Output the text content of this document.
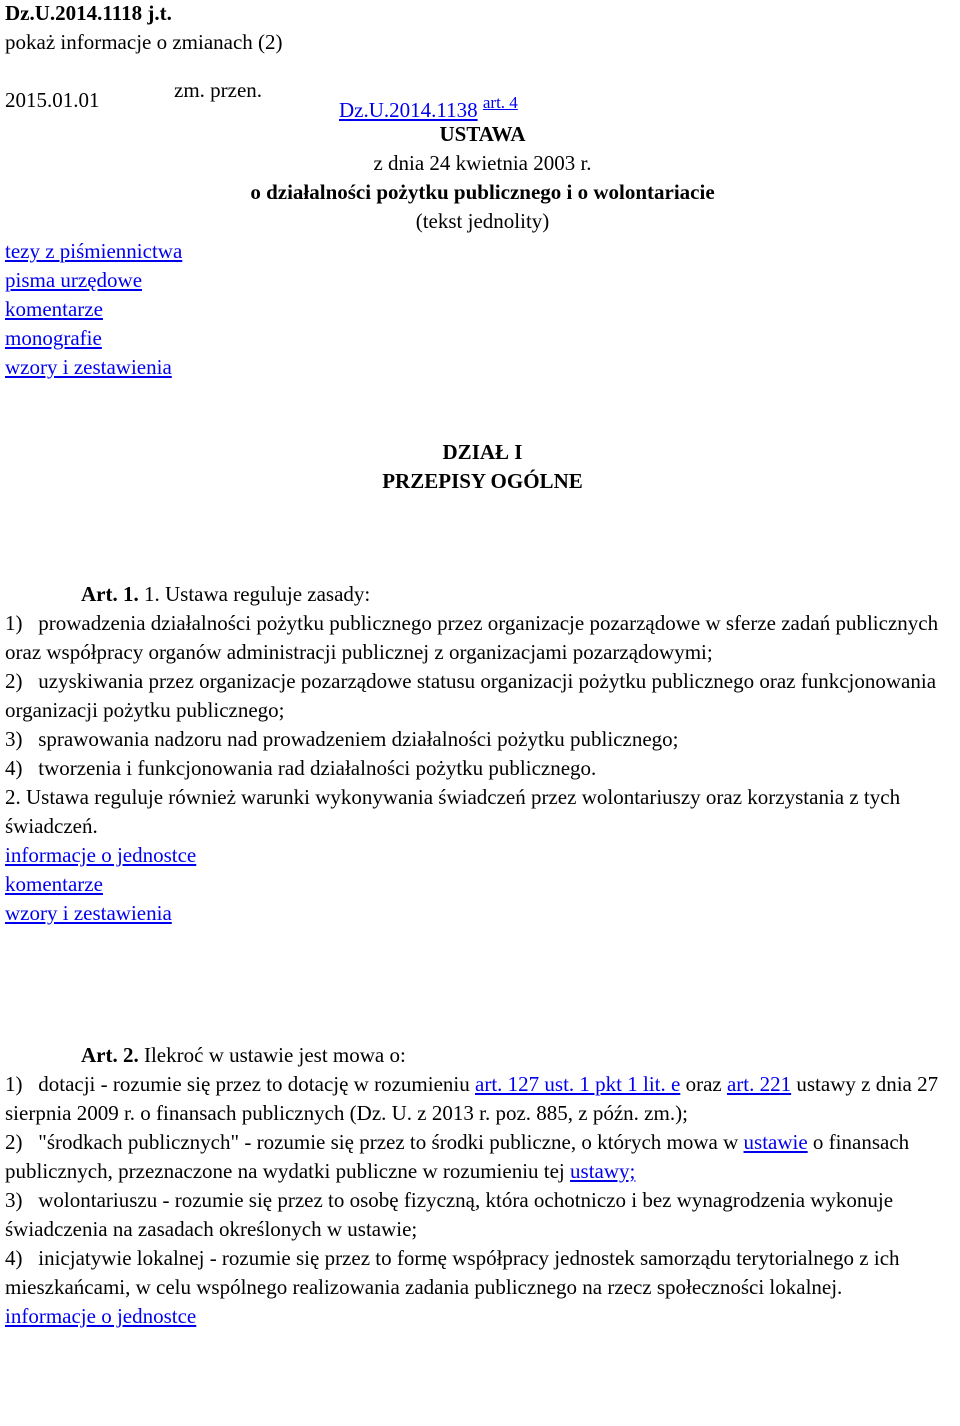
Dz.U.2014.1118 j.t.
pokaż informacje o zmianach (2)
2015.01.01	zm. przen.
Dz.U.2014.1138 $^{art. 4}$
USTAWA
z dnia 24 kwietnia 2003 r.
o działalności pożytku publicznego i o wolontariacie
(tekst jednolity)
tezy z piśmiennictwa
pisma urzędowe
komentarze
monografie
wzory i zestawienia
DZIAŁ I
PRZEPISY OGÓLNE

Art. 1. 1. Ustawa reguluje zasady:

1)   prowadzenia działalności pożytku publicznego przez organizacje pozarządowe w sferze zadań publicznych oraz współpracy organów administracji publicznej z organizacjami pozarządowymi;

2)   uzyskiwania przez organizacje pozarządowe statusu organizacji pożytku publicznego oraz funkcjonowania organizacji pożytku publicznego;

3)   sprawowania nadzoru nad prowadzeniem działalności pożytku publicznego;

4)   tworzenia i funkcjonowania rad działalności pożytku publicznego.

2. Ustawa reguluje również warunki wykonywania świadczeń przez wolontariuszy oraz korzystania z tych świadczeń.

informacje o jednostce

komentarze

wzory i zestawienia

Art. 2. Ilekroć w ustawie jest mowa o:

1)   dotacji - rozumie się przez to dotację w rozumieniu art. 127 ust. 1 pkt 1 lit. e oraz art. 221 ustawy z dnia 27 sierpnia 2009 r. o finansach publicznych (Dz. U. z 2013 r. poz. 885, z późn. zm.);

2)   "środkach publicznych" - rozumie się przez to środki publiczne, o których mowa w ustawie o finansach publicznych, przeznaczone na wydatki publiczne w rozumieniu tej ustawy;

3)   wolontariuszu - rozumie się przez to osobę fizyczną, która ochotniczo i bez wynagrodzenia wykonuje świadczenia na zasadach określonych w ustawie;

4)   inicjatywie lokalnej - rozumie się przez to formę współpracy jednostek samorządu terytorialnego z ich mieszkańcami, w celu wspólnego realizowania zadania publicznego na rzecz społeczności lokalnej.

informacje o jednostce
